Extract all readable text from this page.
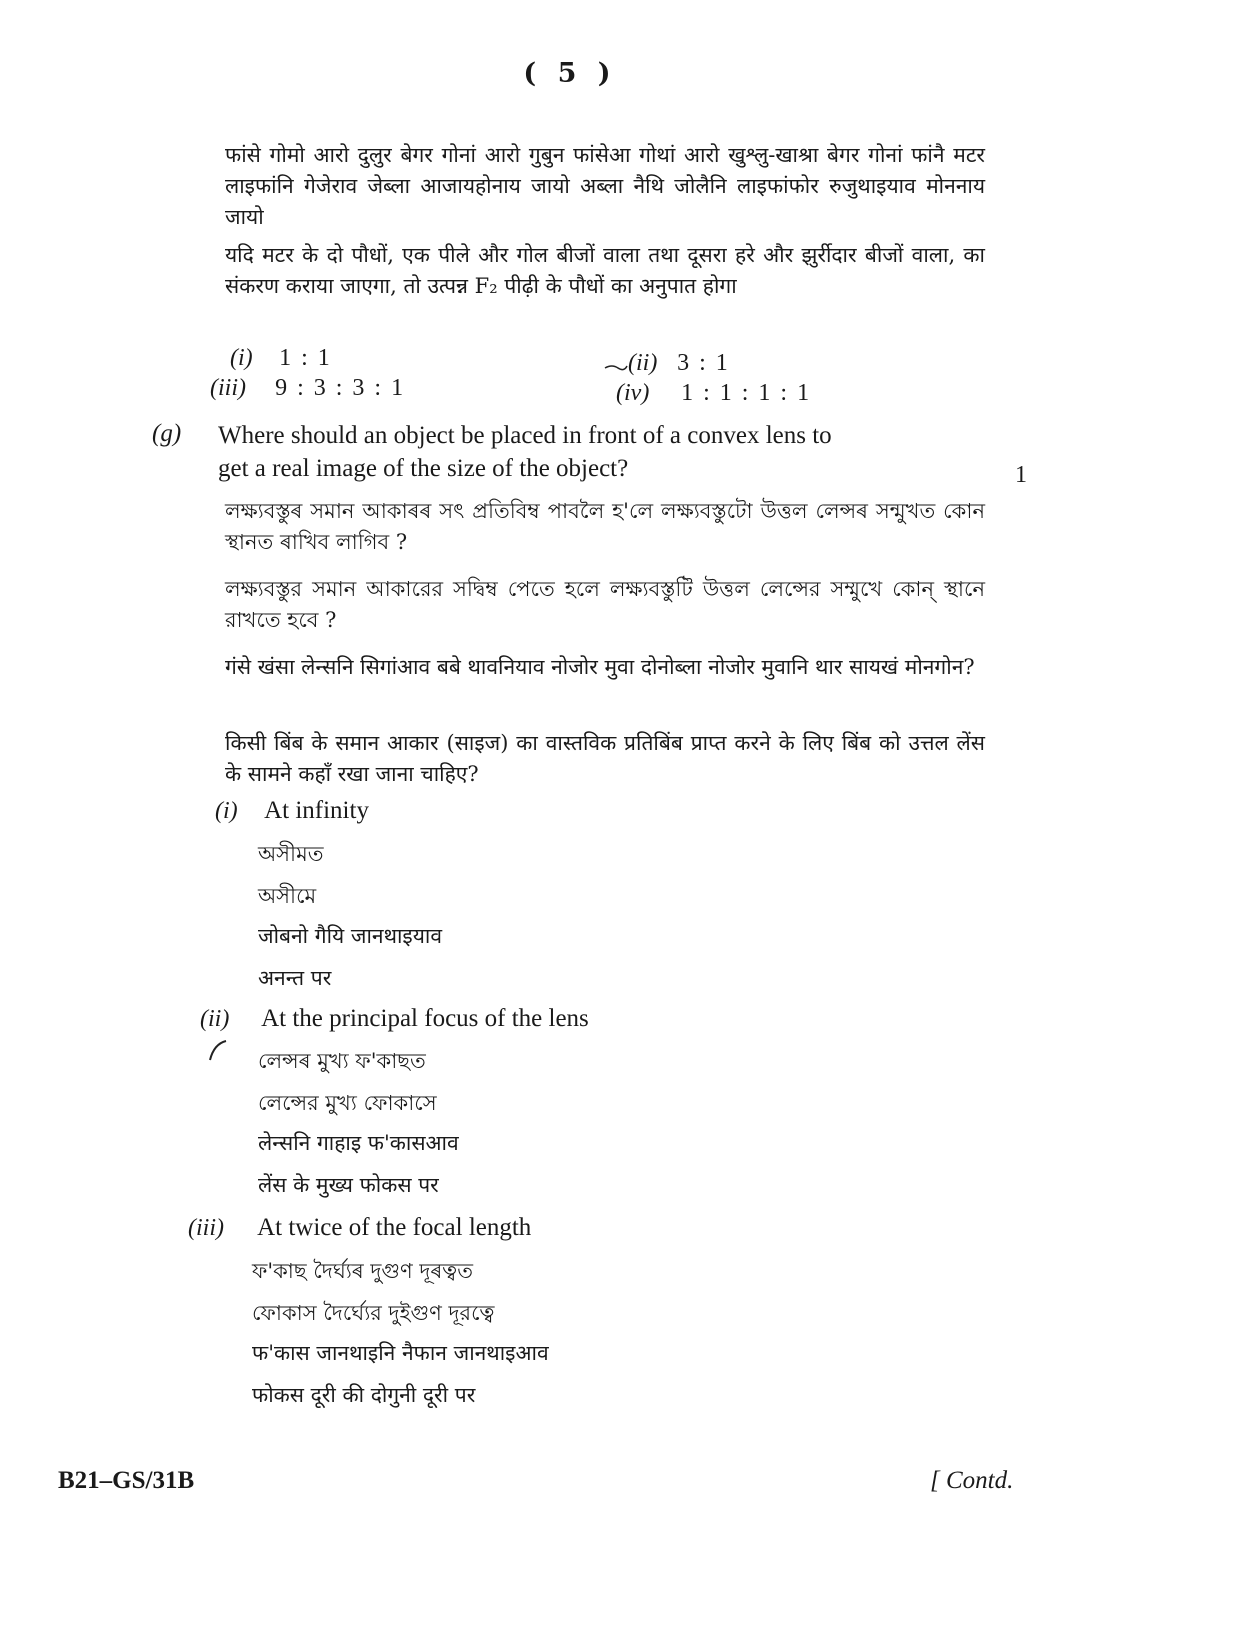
( 5 )
फांसे गोमो आरो दुलुर बेगर गोनां आरो गुबुन फांसेआ गोथां आरो खुश्लु-खाश्रा बेगर गोनां फांनै मटर लाइफांनि गेजेराव जेब्ला आजायहोनाय जायो अब्ला नैथि जोलैनि लाइफांफोर रुजुथाइयाव मोननाय जायो
यदि मटर के दो पौधों, एक पीले और गोल बीजों वाला तथा दूसरा हरे और झुर्रीदार बीजों वाला, का संकरण कराया जाएगा, तो उत्पन्न F₂ पीढ़ी के पौधों का अनुपात होगा
(i) 1 : 1	(ii) 3 : 1
(iii) 9 : 3 : 3 : 1	(iv) 1 : 1 : 1 : 1
(g) Where should an object be placed in front of a convex lens to
get a real image of the size of the object?	1
লক্ষ্যবস্তুৰ সমান আকাৰৰ সৎ প্ৰতিবিম্ব পাবলৈ হ'লে লক্ষ্যবস্তুটো উত্তল লেন্সৰ সন্মুখত কোন স্থানত ৰাখিব লাগিব ?
লক্ষ্যবস্তুর সমান আকারের সদ্বিম্ব পেতে হলে লক্ষ্যবস্তুটি উত্তল লেন্সের সম্মুখে কোন্ স্থানে রাখতে হবে ?
गंसे खंसा लेन्सनि सिगांआव बबे थावनियाव नोजोर मुवा दोनोब्ला नोजोर मुवानि थार सायखं मोनगोन?
किसी बिंब के समान आकार (साइज) का वास्तविक प्रतिबिंब प्राप्त करने के लिए बिंब को उत्तल लेंस के सामने कहाँ रखा जाना चाहिए?
(i) At infinity
অসীমত
অসীমে
जोबनो गैयि जानथाइयाव
अनन्त पर
(ii) At the principal focus of the lens
লেন্সৰ মুখ্য ফ'কাছত
লেন্সের মুখ্য ফোকাসে
लेन्सनि गाहाइ फ'कासआव
लेंस के मुख्य फोकस पर
(iii) At twice of the focal length
ফ'কাছ দৈৰ্ঘ্যৰ দুগুণ দূৰত্বত
ফোকাস দৈর্ঘ্যের দুইগুণ দূরত্বে
फ'कास जानथाइनि नैफान जानथाइआव
फोकस दूरी की दोगुनी दूरी पर
B21–GS/31B	[ Contd.
